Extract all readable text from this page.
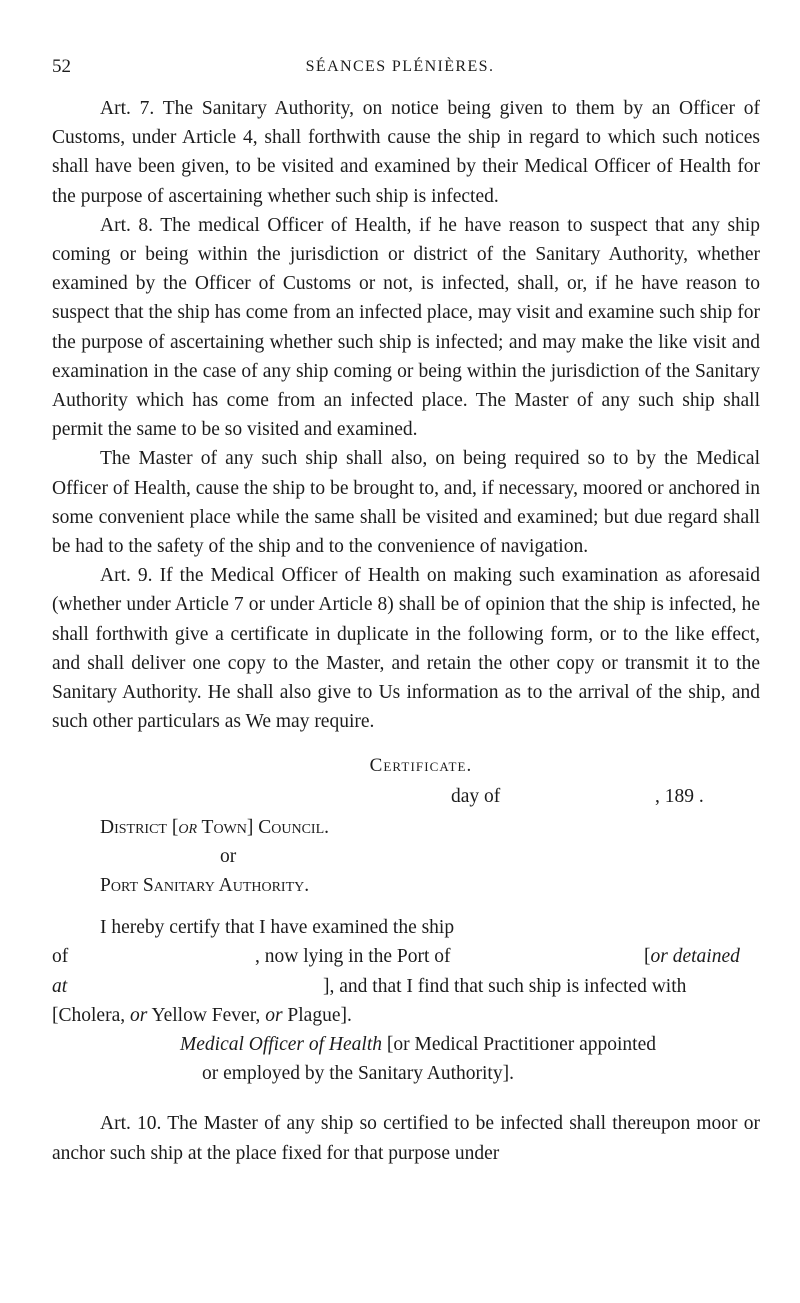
52	SÉANCES PLÉNIÈRES.

Art. 7. The Sanitary Authority, on notice being given to them by an Officer of Customs, under Article 4, shall forthwith cause the ship in regard to which such notices shall have been given, to be visited and examined by their Medical Officer of Health for the purpose of ascertaining whether such ship is infected.

Art. 8. The medical Officer of Health, if he have reason to suspect that any ship coming or being within the jurisdiction or district of the Sanitary Authority, whether examined by the Officer of Customs or not, is infected, shall, or, if he have reason to suspect that the ship has come from an infected place, may visit and examine such ship for the purpose of ascertaining whether such ship is infected; and may make the like visit and examination in the case of any ship coming or being within the jurisdiction of the Sanitary Authority which has come from an infected place. The Master of any such ship shall permit the same to be so visited and examined.

The Master of any such ship shall also, on being required so to by the Medical Officer of Health, cause the ship to be brought to, and, if necessary, moored or anchored in some convenient place while the same shall be visited and examined; but due regard shall be had to the safety of the ship and to the convenience of navigation.

Art. 9. If the Medical Officer of Health on making such examination as aforesaid (whether under Article 7 or under Article 8) shall be of opinion that the ship is infected, he shall forthwith give a certificate in duplicate in the following form, or to the like effect, and shall deliver one copy to the Master, and retain the other copy or transmit it to the Sanitary Authority. He shall also give to Us information as to the arrival of the ship, and such other particulars as We may require.

Certificate.
day of	, 189 .

District [or Town] Council.

or

Port Sanitary Authority.

I hereby certify that I have examined the ship

of	, now lying in the Port of	[or detained

at	], and that I find that such ship is infected with

[Cholera, or Yellow Fever, or Plague].

Medical Officer of Health [or Medical Practitioner appointed

or employed by the Sanitary Authority].

Art. 10. The Master of any ship so certified to be infected shall thereupon moor or anchor such ship at the place fixed for that purpose under
